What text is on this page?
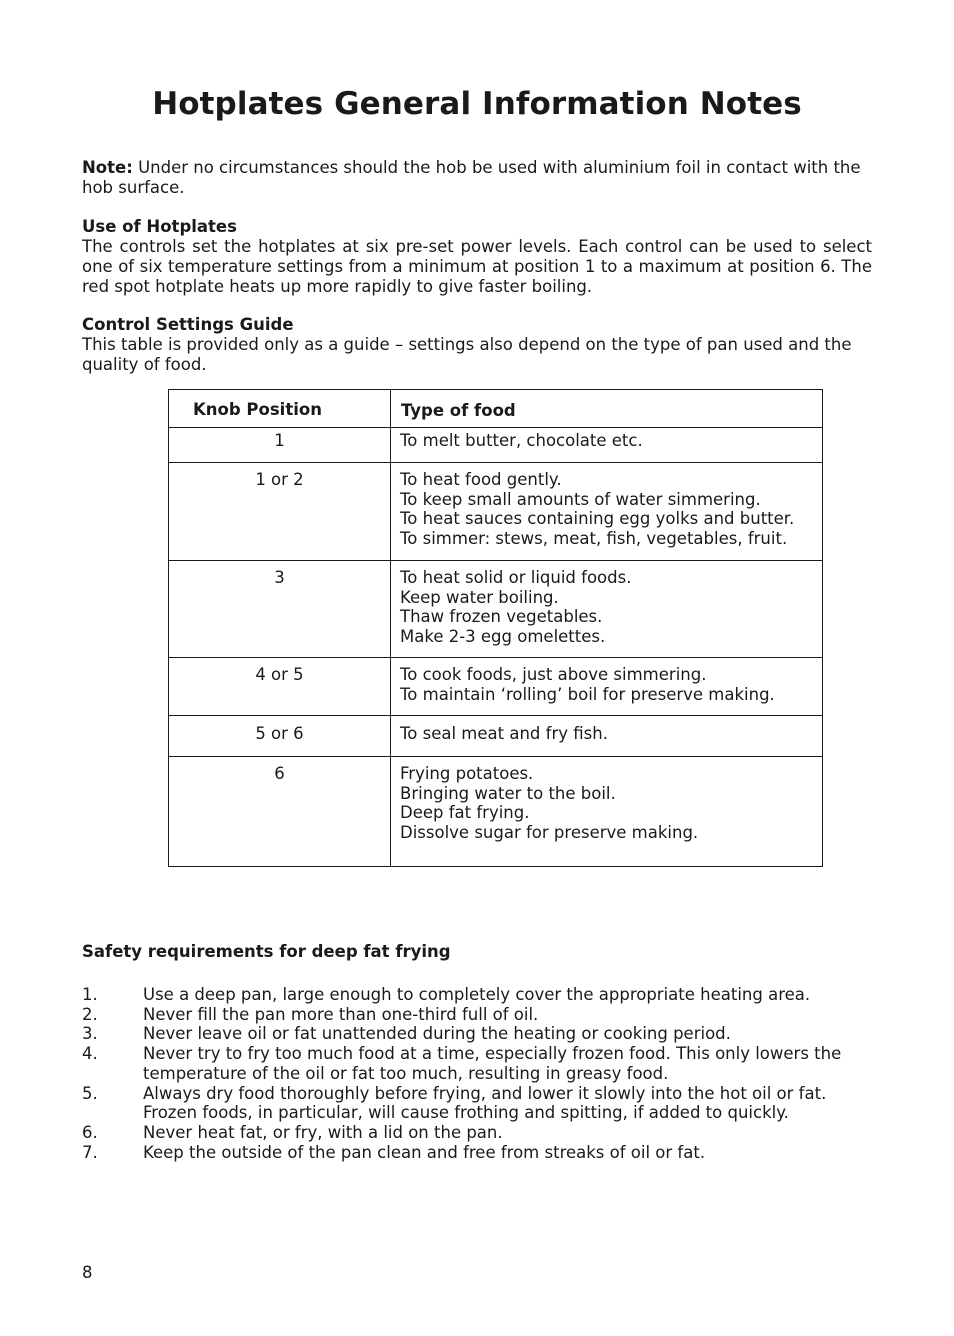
Hotplates General Information Notes

Note: Under no circumstances should the hob be used with aluminium foil in contact with the hob surface.

Use of Hotplates
The controls set the hotplates at six pre-set power levels. Each control can be used to select one of six temperature settings from a minimum at position 1 to a maximum at position 6. The red spot hotplate heats up more rapidly to give faster boiling.
Control Settings Guide
This table is provided only as a guide – settings also depend on the type of pan used and the quality of food.
Knob Position	Type of food
1	To melt butter, chocolate etc.

1 or 2	To heat food gently.
To keep small amounts of water simmering.
To heat sauces containing egg yolks and butter.
To simmer: stews, meat, fish, vegetables, fruit.

3	To heat solid or liquid foods.
Keep water boiling.
Thaw frozen vegetables.
Make 2-3 egg omelettes.

4 or 5	To cook foods, just above simmering.
To maintain ‘rolling’ boil for preserve making.

5 or 6	To seal meat and fry fish.

6	Frying potatoes.
Bringing water to the boil.
Deep fat frying.
Dissolve sugar for preserve making.
Safety requirements for deep fat frying
1.	Use a deep pan, large enough to completely cover the appropriate heating area.
2.	Never fill the pan more than one-third full of oil.
3.	Never leave oil or fat unattended during the heating or cooking period.
4.	Never try to fry too much food at a time, especially frozen food. This only lowers the temperature of the oil or fat too much, resulting in greasy food.
5.	Always dry food thoroughly before frying, and lower it slowly into the hot oil or fat. Frozen foods, in particular, will cause frothing and spitting, if added to quickly.
6.	Never heat fat, or fry, with a lid on the pan.
7.	Keep the outside of the pan clean and free from streaks of oil or fat.
8
